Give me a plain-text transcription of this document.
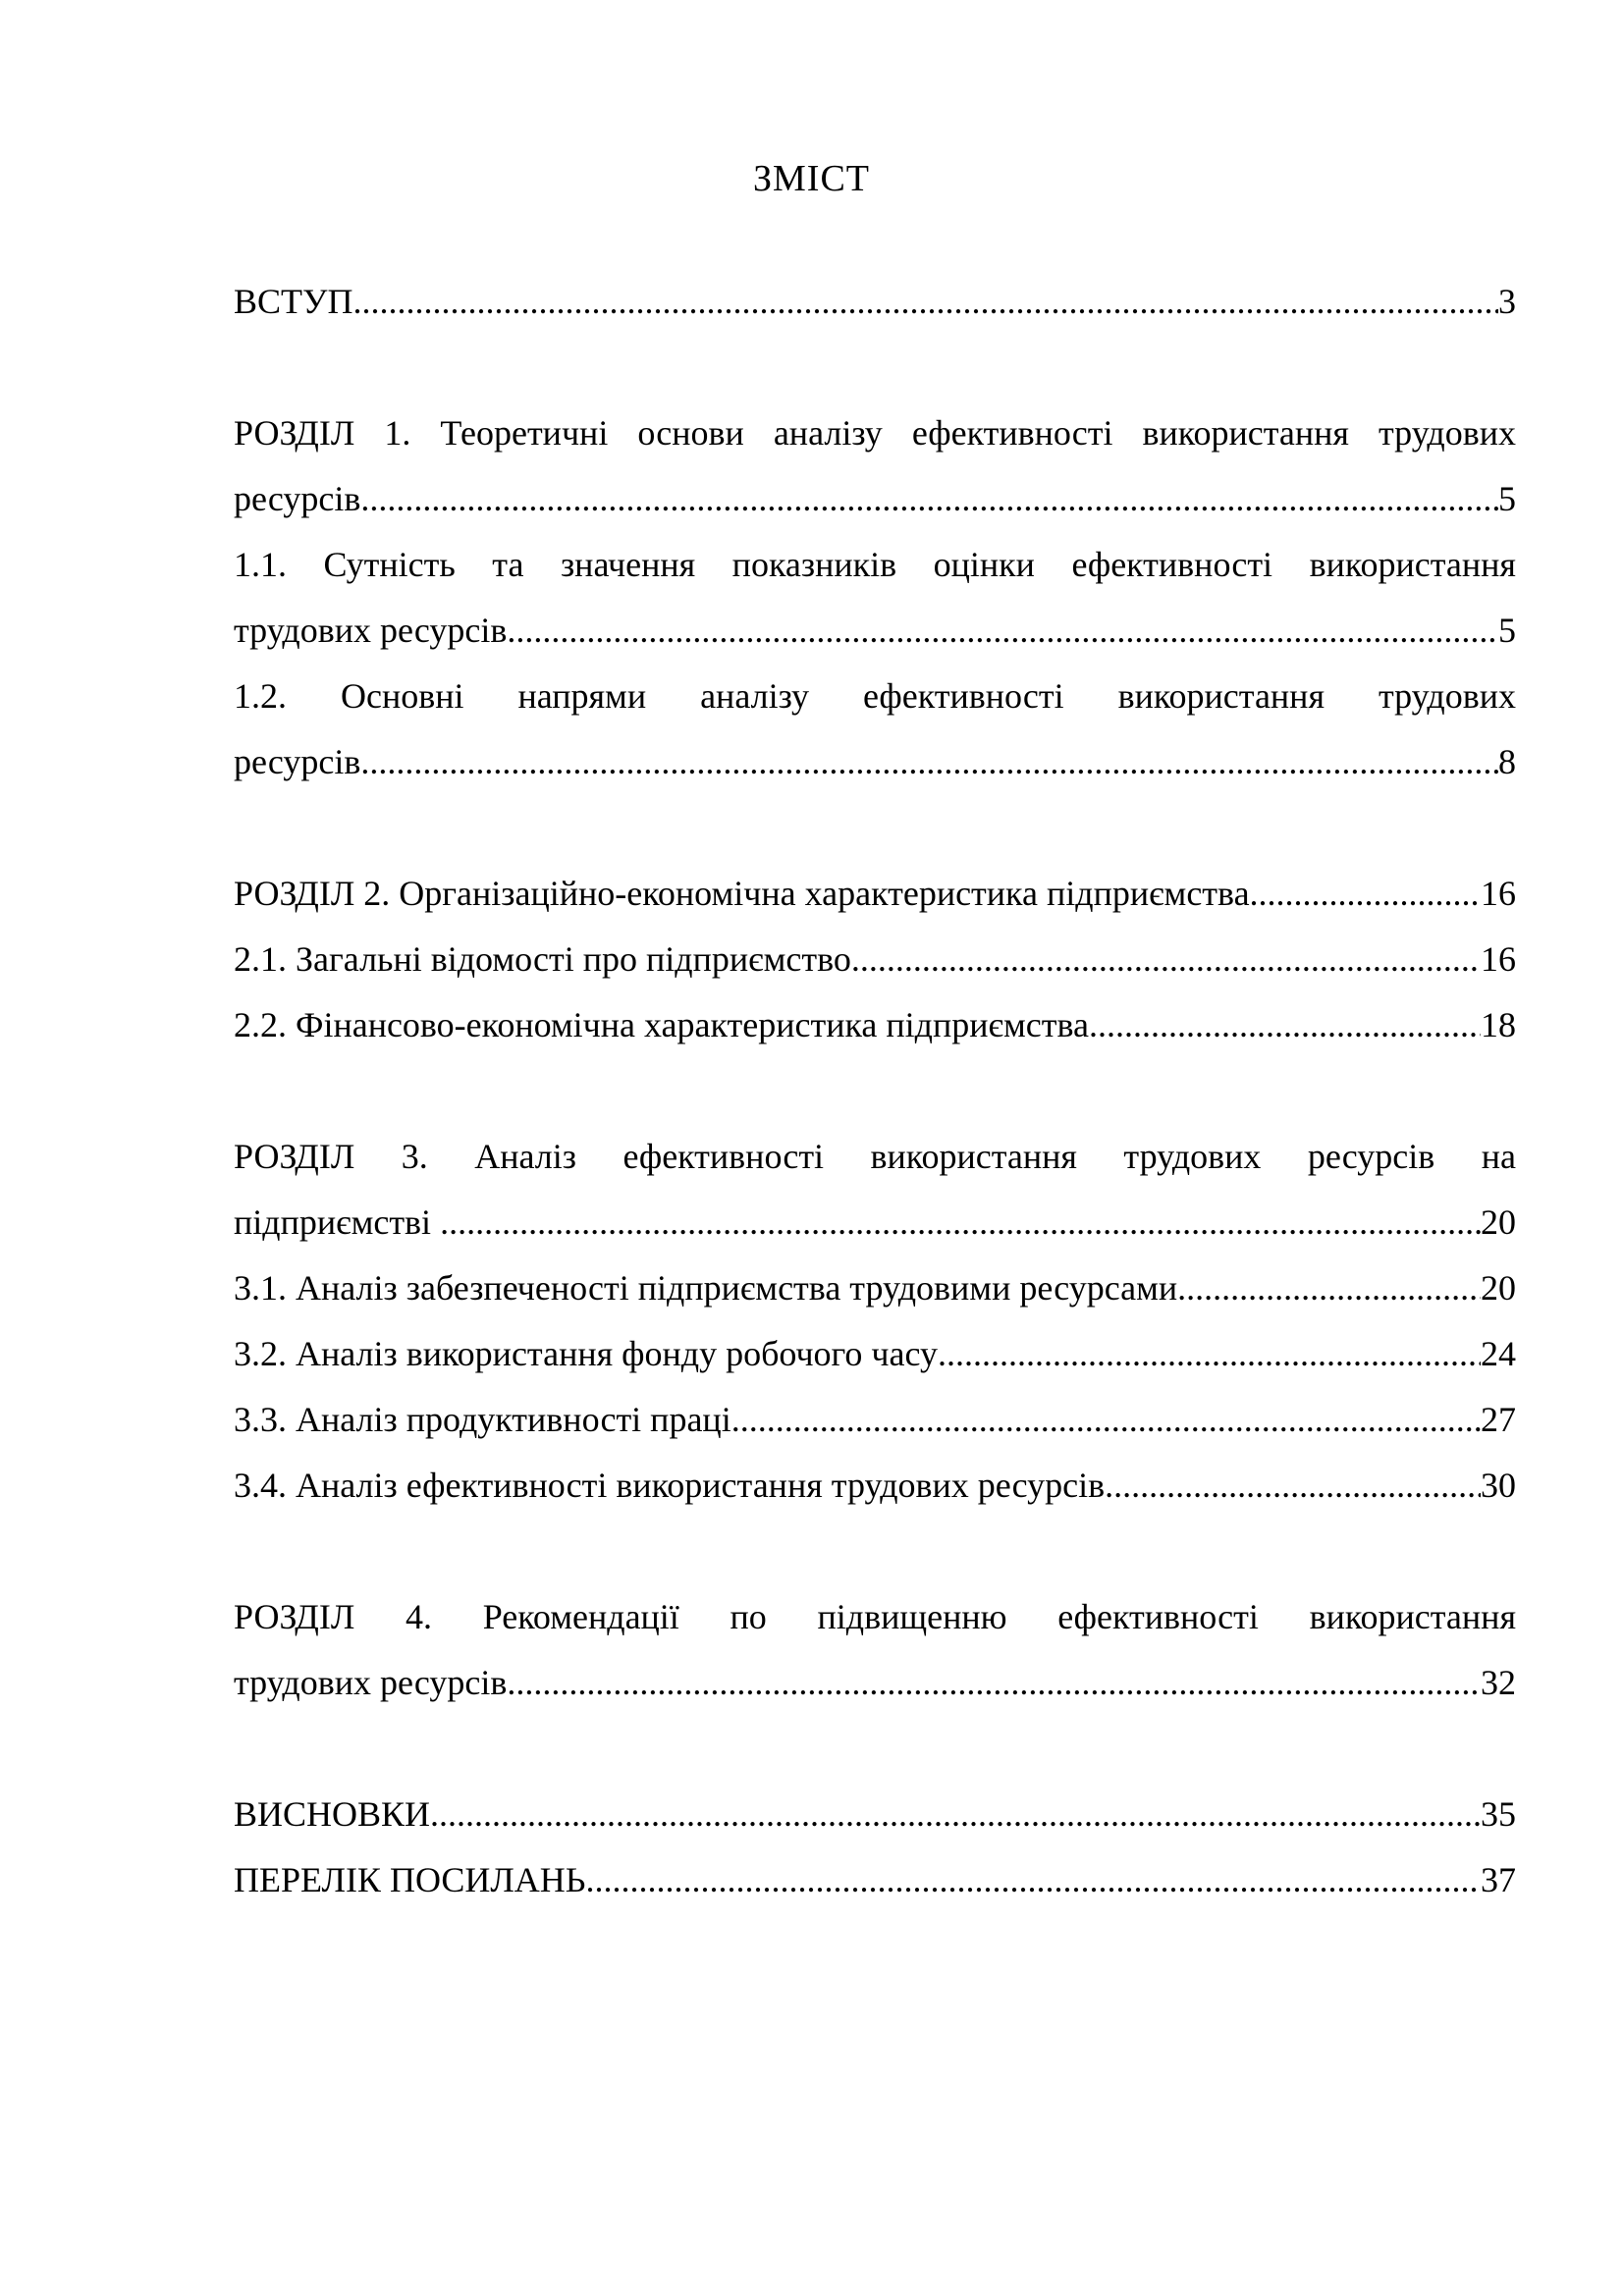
ЗМІСТ
ВСТУП .....	3
РОЗДІЛ 1. Теоретичні основи аналізу ефективності використання трудових
ресурсів .....	5
1.1. Сутність та значення показників оцінки ефективності використання
трудових ресурсів .....	5
1.2. Основні напрями аналізу ефективності використання трудових
ресурсів .....	8
РОЗДІЛ 2. Організаційно-економічна характеристика підприємства .....	16
2.1. Загальні відомості про підприємство .....	16
2.2. Фінансово-економічна характеристика підприємства .....	18
РОЗДІЛ 3. Аналіз ефективності використання трудових ресурсів на
підприємстві .....	20
3.1. Аналіз забезпеченості підприємства трудовими ресурсами .....	20
3.2. Аналіз використання фонду робочого часу .....	24
3.3. Аналіз продуктивності праці .....	27
3.4. Аналіз ефективності використання трудових ресурсів .....	30
РОЗДІЛ 4. Рекомендації по підвищенню ефективності використання
трудових ресурсів .....	32
ВИСНОВКИ .....	35
ПЕРЕЛІК ПОСИЛАНЬ .....	37
